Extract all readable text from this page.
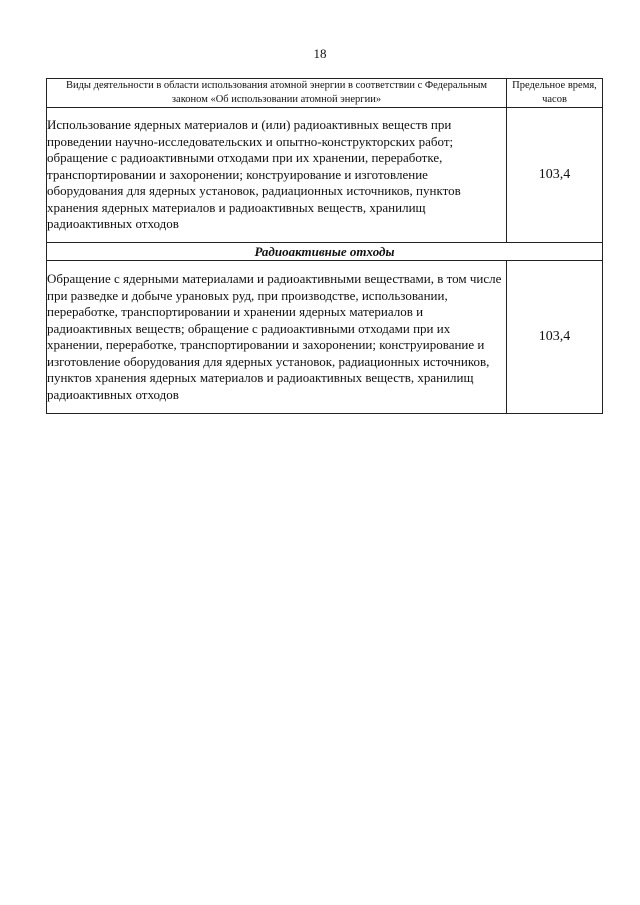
18
Виды деятельности в области использования атомной энергии в соответствии с Федеральным законом «Об использовании атомной энергии»	Предельное время, часов
Использование ядерных материалов и (или) радиоактивных веществ при проведении научно-исследовательских и опытно-конструкторских работ; обращение с радиоактивными отходами при их хранении, переработке, транспортировании и захоронении; конструирование и изготовление оборудования для ядерных установок, радиационных источников, пунктов хранения ядерных материалов и радиоактивных веществ, хранилищ радиоактивных отходов	103,4
Радиоактивные отходы	
Обращение с ядерными материалами и радиоактивными веществами, в том числе при разведке и добыче урановых руд, при производстве, использовании, переработке, транспортировании и хранении ядерных материалов и радиоактивных веществ; обращение с радиоактивными отходами при их хранении, переработке, транспортировании и захоронении; конструирование и изготовление оборудования для ядерных установок, радиационных источников, пунктов хранения ядерных материалов и радиоактивных веществ, хранилищ радиоактивных отходов	103,4
